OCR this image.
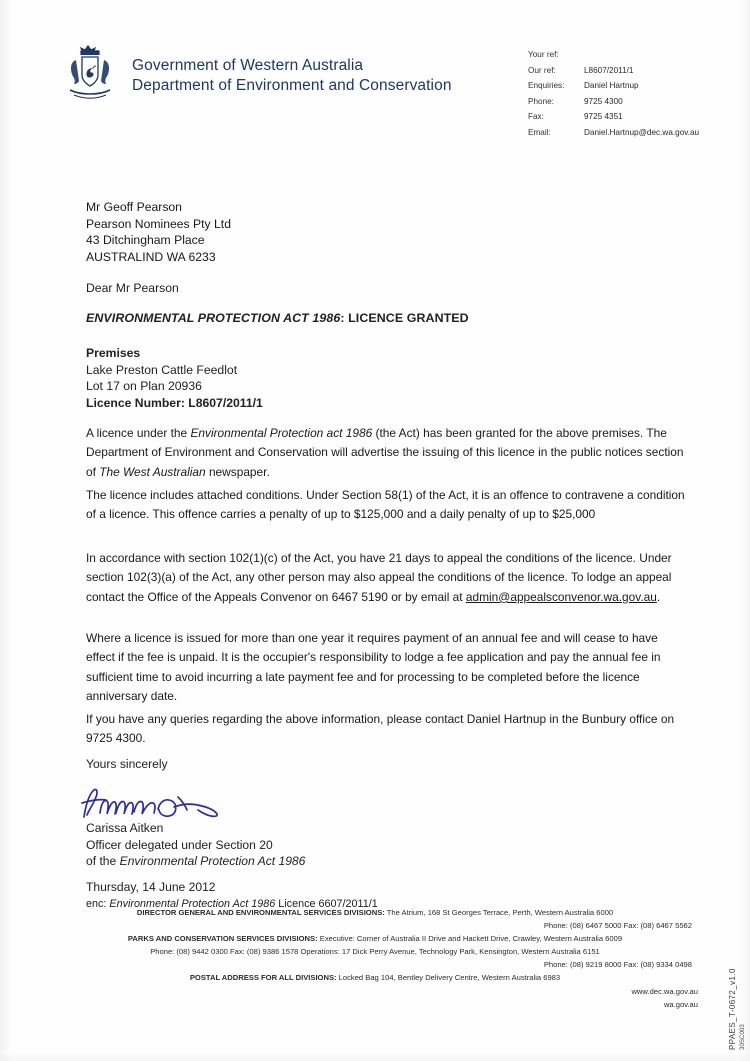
Government of Western Australia
Department of Environment and Conservation
Your ref:
Our ref:	L8607/2011/1
Enquiries:	Daniel Hartnup
Phone:	9725 4300
Fax:	9725 4351
Email:	Daniel.Hartnup@dec.wa.gov.au
Mr Geoff Pearson
Pearson Nominees Pty Ltd
43 Ditchingham Place
AUSTRALIND WA 6233
Dear Mr Pearson
ENVIRONMENTAL PROTECTION ACT 1986: LICENCE GRANTED
Premises
Lake Preston Cattle Feedlot
Lot 17 on Plan 20936
Licence Number: L8607/2011/1
A licence under the Environmental Protection act 1986 (the Act) has been granted for the above premises. The Department of Environment and Conservation will advertise the issuing of this licence in the public notices section of The West Australian newspaper.
The licence includes attached conditions. Under Section 58(1) of the Act, it is an offence to contravene a condition of a licence. This offence carries a penalty of up to $125,000 and a daily penalty of up to $25,000
In accordance with section 102(1)(c) of the Act, you have 21 days to appeal the conditions of the licence. Under section 102(3)(a) of the Act, any other person may also appeal the conditions of the licence. To lodge an appeal contact the Office of the Appeals Convenor on 6467 5190 or by email at admin@appealsconvenor.wa.gov.au.
Where a licence is issued for more than one year it requires payment of an annual fee and will cease to have effect if the fee is unpaid. It is the occupier's responsibility to lodge a fee application and pay the annual fee in sufficient time to avoid incurring a late payment fee and for processing to be completed before the licence anniversary date.
If you have any queries regarding the above information, please contact Daniel Hartnup in the Bunbury office on 9725 4300.
Yours sincerely
Carissa Aitken
Officer delegated under Section 20
of the Environmental Protection Act 1986
Thursday, 14 June 2012
enc: Environmental Protection Act 1986 Licence 6607/2011/1
DIRECTOR GENERAL AND ENVIRONMENTAL SERVICES DIVISIONS: The Atrium, 168 St Georges Terrace, Perth, Western Australia 6000
Phone: (08) 6467 5000 Fax: (08) 6467 5562
PARKS AND CONSERVATION SERVICES DIVISIONS: Executive: Corner of Australia II Drive and Hackett Drive, Crawley, Western Australia 6009
Phone: (08) 9442 0300 Fax: (08) 9386 1578 Operations: 17 Dick Perry Avenue, Technology Park, Kensington, Western Australia 6151
Phone: (08) 9219 8000 Fax: (08) 9334 0498
POSTAL ADDRESS FOR ALL DIVISIONS: Locked Bag 104, Bentley Delivery Centre, Western Australia 6983
www.dec.wa.gov.au
wa.gov.au	PPAES_T-0672_v1.0 30SC003
